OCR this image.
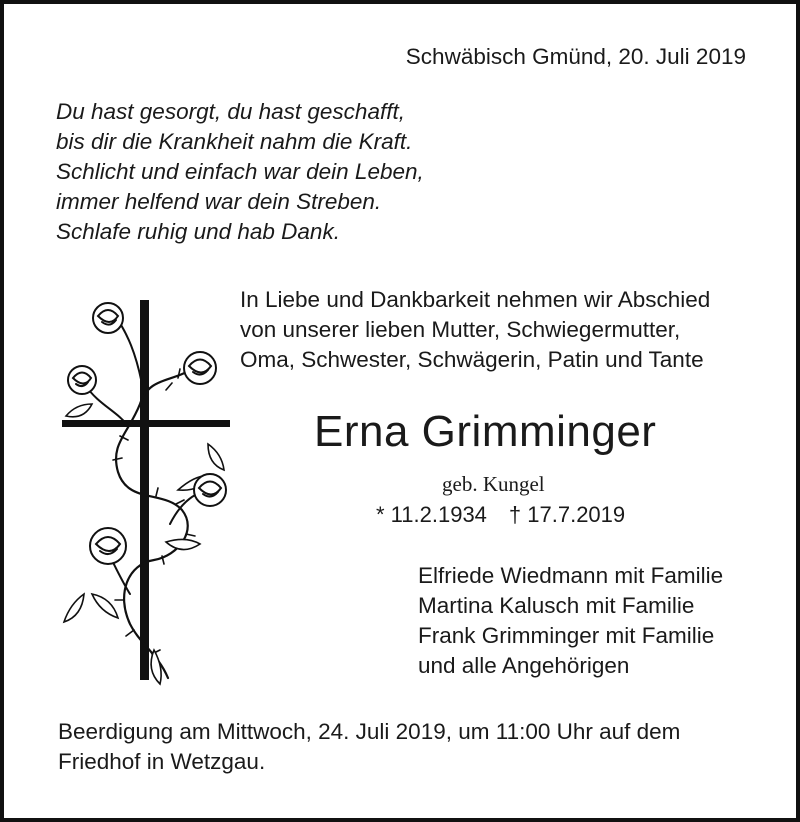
Schwäbisch Gmünd, 20. Juli 2019
Du hast gesorgt, du hast geschafft,
bis dir die Krankheit nahm die Kraft.
Schlicht und einfach war dein Leben,
immer helfend war dein Streben.
Schlafe ruhig und hab Dank.
In Liebe und Dankbarkeit nehmen wir Abschied
von unserer lieben Mutter, Schwiegermutter,
Oma, Schwester, Schwägerin, Patin und Tante
Erna Grimminger
geb. Kungel
* 11.2.1934 † 17.7.2019
Elfriede Wiedmann mit Familie
Martina Kalusch mit Familie
Frank Grimminger mit Familie
und alle Angehörigen
Beerdigung am Mittwoch, 24. Juli 2019, um 11:00 Uhr auf dem
Friedhof in Wetzgau.
